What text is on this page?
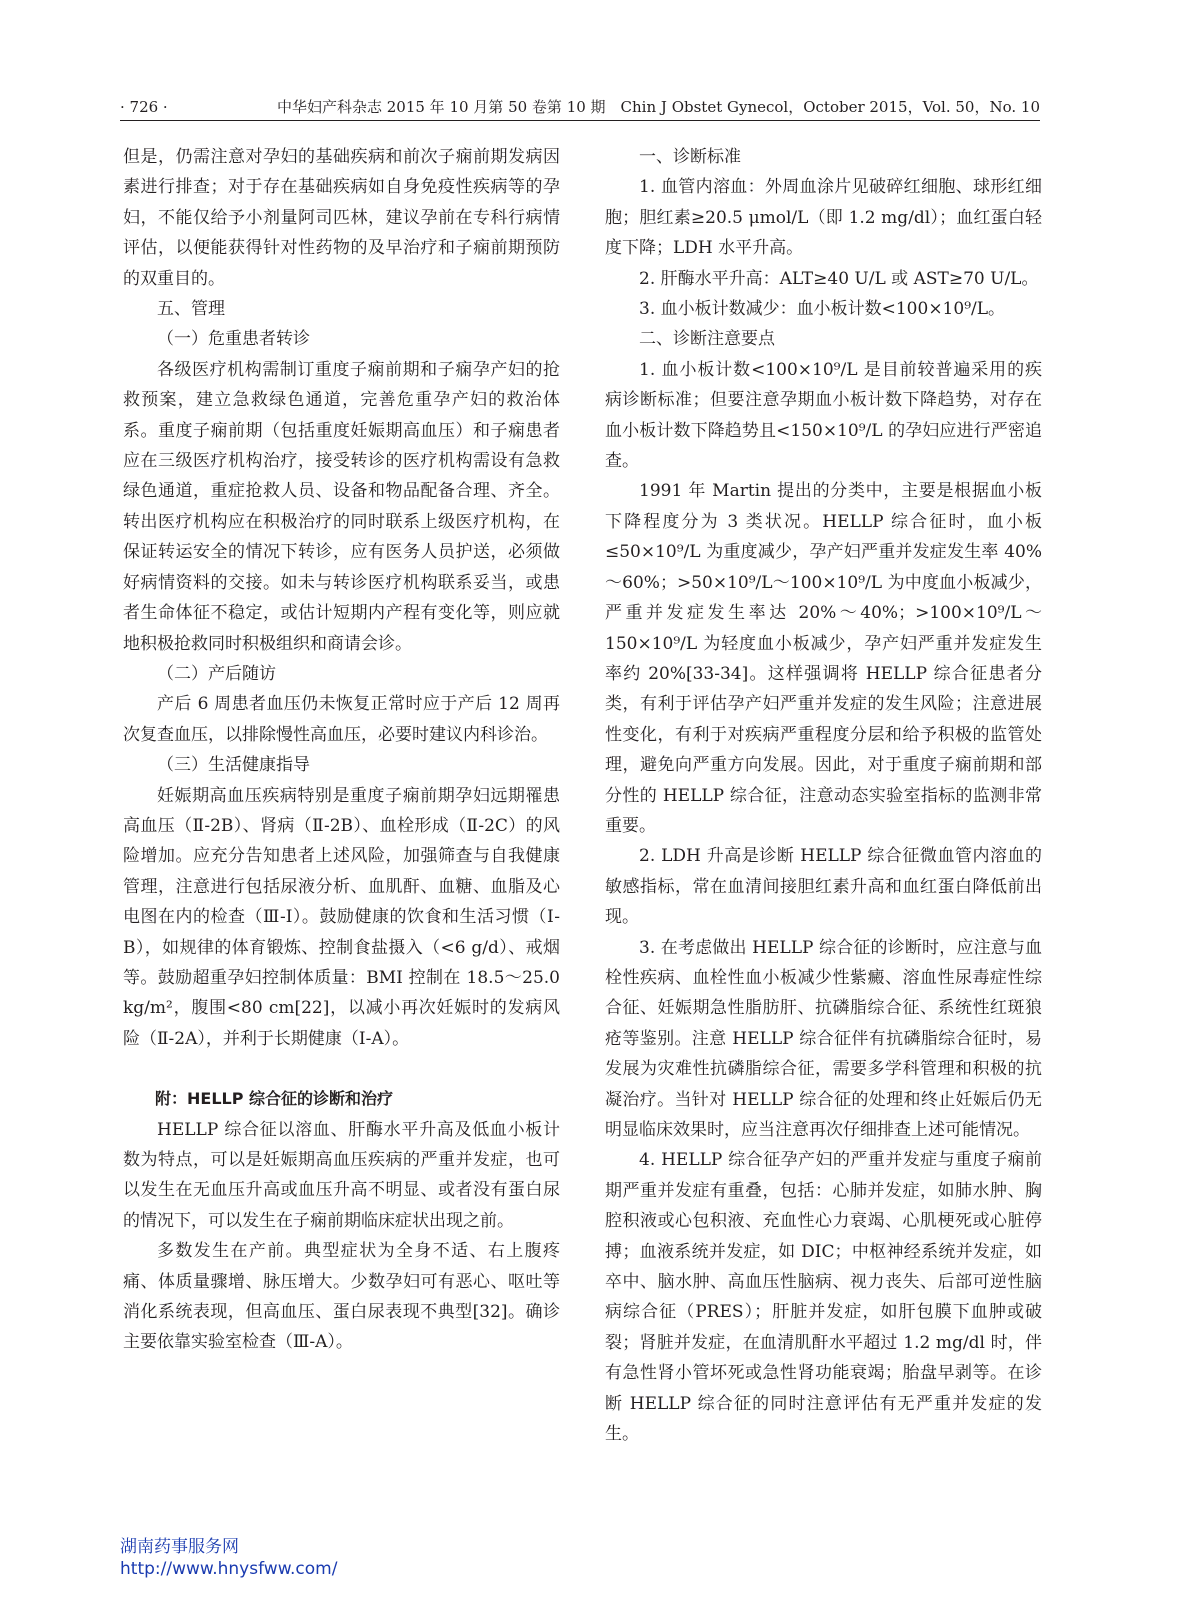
· 726 ·	中华妇产科杂志 2015 年 10 月第 50 卷第 10 期　Chin J Obstet Gynecol，October 2015，Vol. 50，No. 10

但是，仍需注意对孕妇的基础疾病和前次子痫前期发病因素进行排查；对于存在基础疾病如自身免疫性疾病等的孕妇，不能仅给予小剂量阿司匹林，建议孕前在专科行病情评估，以便能获得针对性药物的及早治疗和子痫前期预防的双重目的。

五、管理

（一）危重患者转诊

各级医疗机构需制订重度子痫前期和子痫孕产妇的抢救预案，建立急救绿色通道，完善危重孕产妇的救治体系。重度子痫前期（包括重度妊娠期高血压）和子痫患者应在三级医疗机构治疗，接受转诊的医疗机构需设有急救绿色通道，重症抢救人员、设备和物品配备合理、齐全。转出医疗机构应在积极治疗的同时联系上级医疗机构，在保证转运安全的情况下转诊，应有医务人员护送，必须做好病情资料的交接。如未与转诊医疗机构联系妥当，或患者生命体征不稳定，或估计短期内产程有变化等，则应就地积极抢救同时积极组织和商请会诊。

（二）产后随访

产后 6 周患者血压仍未恢复正常时应于产后 12 周再次复查血压，以排除慢性高血压，必要时建议内科诊治。

（三）生活健康指导

妊娠期高血压疾病特别是重度子痫前期孕妇远期罹患高血压（Ⅱ-2B）、肾病（Ⅱ-2B）、血栓形成（Ⅱ-2C）的风险增加。应充分告知患者上述风险，加强筛查与自我健康管理，注意进行包括尿液分析、血肌酐、血糖、血脂及心电图在内的检查（Ⅲ-I）。鼓励健康的饮食和生活习惯（Ⅰ-B），如规律的体育锻炼、控制食盐摄入（<6 g/d）、戒烟等。鼓励超重孕妇控制体质量：BMI 控制在 18.5～25.0 kg/m²，腹围<80 cm[22]，以减小再次妊娠时的发病风险（Ⅱ-2A），并利于长期健康（Ⅰ-A）。

附：HELLP 综合征的诊断和治疗

HELLP 综合征以溶血、肝酶水平升高及低血小板计数为特点，可以是妊娠期高血压疾病的严重并发症，也可以发生在无血压升高或血压升高不明显、或者没有蛋白尿的情况下，可以发生在子痫前期临床症状出现之前。

多数发生在产前。典型症状为全身不适、右上腹疼痛、体质量骤增、脉压增大。少数孕妇可有恶心、呕吐等消化系统表现，但高血压、蛋白尿表现不典型[32]。确诊主要依靠实验室检查（Ⅲ-A）。

一、诊断标准

1. 血管内溶血：外周血涂片见破碎红细胞、球形红细胞；胆红素≥20.5 μmol/L（即 1.2 mg/dl）；血红蛋白轻度下降；LDH 水平升高。

2. 肝酶水平升高：ALT≥40 U/L 或 AST≥70 U/L。

3. 血小板计数减少：血小板计数<100×10⁹/L。

二、诊断注意要点

1. 血小板计数<100×10⁹/L 是目前较普遍采用的疾病诊断标准；但要注意孕期血小板计数下降趋势，对存在血小板计数下降趋势且<150×10⁹/L 的孕妇应进行严密追查。

1991 年 Martin 提出的分类中，主要是根据血小板下降程度分为 3 类状况。HELLP 综合征时，血小板≤50×10⁹/L 为重度减少，孕产妇严重并发症发生率 40%～60%；>50×10⁹/L～100×10⁹/L 为中度血小板减少，严重并发症发生率达 20%～40%；>100×10⁹/L～150×10⁹/L 为轻度血小板减少，孕产妇严重并发症发生率约 20%[33-34]。这样强调将 HELLP 综合征患者分类，有利于评估孕产妇严重并发症的发生风险；注意进展性变化，有利于对疾病严重程度分层和给予积极的监管处理，避免向严重方向发展。因此，对于重度子痫前期和部分性的 HELLP 综合征，注意动态实验室指标的监测非常重要。

2. LDH 升高是诊断 HELLP 综合征微血管内溶血的敏感指标，常在血清间接胆红素升高和血红蛋白降低前出现。

3. 在考虑做出 HELLP 综合征的诊断时，应注意与血栓性疾病、血栓性血小板减少性紫癜、溶血性尿毒症性综合征、妊娠期急性脂肪肝、抗磷脂综合征、系统性红斑狼疮等鉴别。注意 HELLP 综合征伴有抗磷脂综合征时，易发展为灾难性抗磷脂综合征，需要多学科管理和积极的抗凝治疗。当针对 HELLP 综合征的处理和终止妊娠后仍无明显临床效果时，应当注意再次仔细排查上述可能情况。

4. HELLP 综合征孕产妇的严重并发症与重度子痫前期严重并发症有重叠，包括：心肺并发症，如肺水肿、胸腔积液或心包积液、充血性心力衰竭、心肌梗死或心脏停搏；血液系统并发症，如 DIC；中枢神经系统并发症，如卒中、脑水肿、高血压性脑病、视力丧失、后部可逆性脑病综合征（PRES）；肝脏并发症，如肝包膜下血肿或破裂；肾脏并发症，在血清肌酐水平超过 1.2 mg/dl 时，伴有急性肾小管坏死或急性肾功能衰竭；胎盘早剥等。在诊断 HELLP 综合征的同时注意评估有无严重并发症的发生。

湖南药事服务网
http://www.hnysfww.com/
